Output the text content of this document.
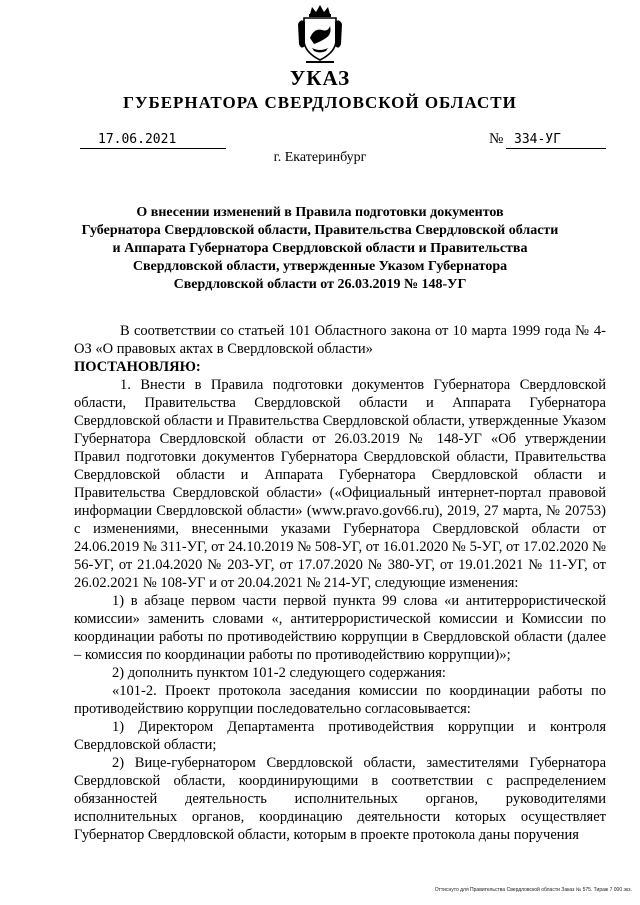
УКАЗ
ГУБЕРНАТОРА СВЕРДЛОВСКОЙ ОБЛАСТИ
17.06.2021	№ 334-УГ
г. Екатеринбург
О внесении изменений в Правила подготовки документов
Губернатора Свердловской области, Правительства Свердловской области
и Аппарата Губернатора Свердловской области и Правительства
Свердловской области, утвержденные Указом Губернатора
Свердловской области от 26.03.2019 № 148-УГ

В соответствии со статьей 101 Областного закона от 10 марта 1999 года № 4-ОЗ «О правовых актах в Свердловской области»

ПОСТАНОВЛЯЮ:

1. Внести в Правила подготовки документов Губернатора Свердловской области, Правительства Свердловской области и Аппарата Губернатора Свердловской области и Правительства Свердловской области, утвержденные Указом Губернатора Свердловской области от 26.03.2019 № 148-УГ «Об утверждении Правил подготовки документов Губернатора Свердловской области, Правительства Свердловской области и Аппарата Губернатора Свердловской области и Правительства Свердловской области» («Официальный интернет-портал правовой информации Свердловской области» (www.pravo.gov66.ru), 2019, 27 марта, № 20753) с изменениями, внесенными указами Губернатора Свердловской области от 24.06.2019 № 311-УГ, от 24.10.2019 № 508-УГ, от 16.01.2020 № 5-УГ, от 17.02.2020 № 56-УГ, от 21.04.2020 № 203-УГ, от 17.07.2020 № 380-УГ, от 19.01.2021 № 11-УГ, от 26.02.2021 № 108-УГ и от 20.04.2021 № 214-УГ, следующие изменения:

1) в абзаце первом части первой пункта 99 слова «и антитеррористической комиссии» заменить словами «, антитеррористической комиссии и Комиссии по координации работы по противодействию коррупции в Свердловской области (далее – комиссия по координации работы по противодействию коррупции)»;

2) дополнить пунктом 101-2 следующего содержания:

«101-2. Проект протокола заседания комиссии по координации работы по противодействию коррупции последовательно согласовывается:

1) Директором Департамента противодействия коррупции и контроля Свердловской области;

2) Вице-губернатором Свердловской области, заместителями Губернатора Свердловской области, координирующими в соответствии с распределением обязанностей деятельность исполнительных органов, руководителями исполнительных органов, координацию деятельности которых осуществляет Губернатор Свердловской области, которым в проекте протокола даны поручения

Оттиснуто для Правительства Свердловской области Заказ № 575. Тираж 7 000 экз.
